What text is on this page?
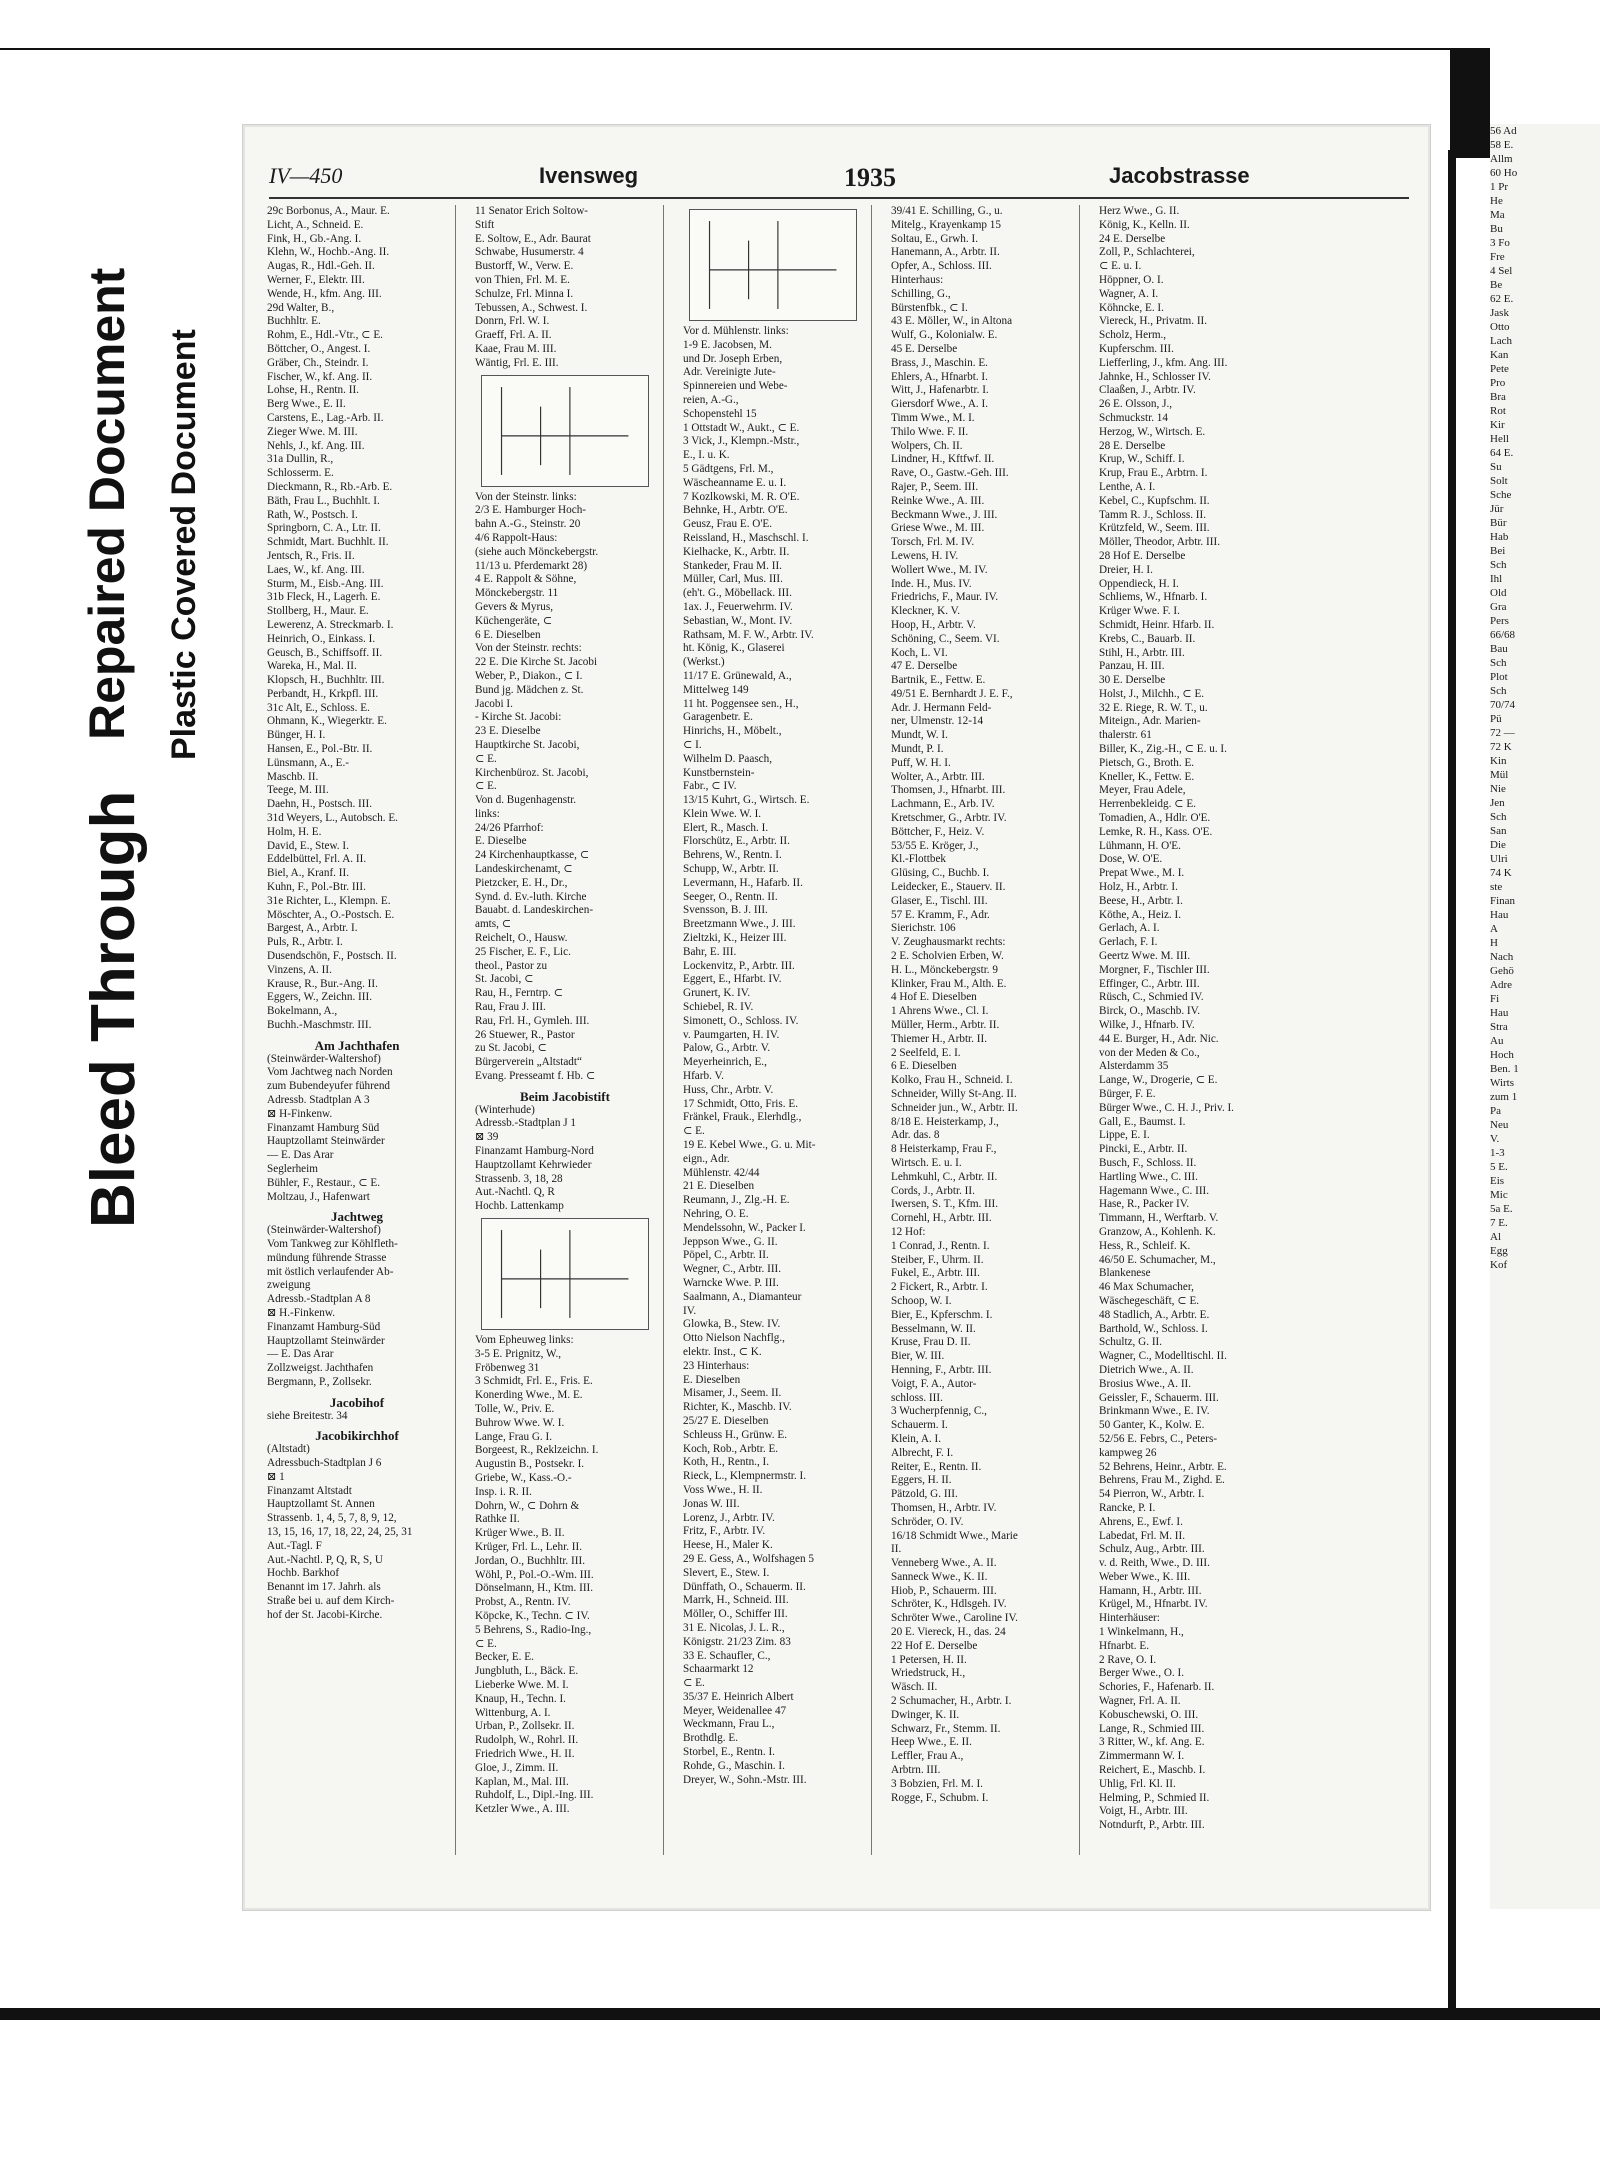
Bleed Through
Repaired Document Plastic Covered Document
IV—450	Ivensweg	1935	Jacobstrasse
29c Borbonus, A., Maur. E.
Licht, A., Schneid. E.
Fink, H., Gb.-Ang. I.
Klehn, W., Hochb.-Ang. II.
Augas, R., Hdl.-Geh. II.
Werner, F., Elektr. III.
Wende, H., kfm. Ang. III.
29d Walter, B.,
Buchhltr. E.
Rohm, E., Hdl.-Vtr., ⊂ E.
Böttcher, O., Angest. I.
Gräber, Ch., Steindr. I.
Fischer, W., kf. Ang. II.
Lohse, H., Rentn. II.
Berg Wwe., E. II.
Carstens, E., Lag.-Arb. II.
Zieger Wwe. M. III.
Nehls, J., kf. Ang. III.
31a Dullin, R.,
Schlosserm. E.
Dieckmann, R., Rb.-Arb. E.
Bäth, Frau L., Buchhlt. I.
Rath, W., Postsch. I.
Springborn, C. A., Ltr. II.
Schmidt, Mart. Buchhlt. II.
Jentsch, R., Fris. II.
Laes, W., kf. Ang. III.
Sturm, M., Eisb.-Ang. III.
31b Fleck, H., Lagerh. E.
Stollberg, H., Maur. E.
Lewerenz, A. Streckmarb. I.
Heinrich, O., Einkass. I.
Geusch, B., Schiffsoff. II.
Wareka, H., Mal. II.
Klopsch, H., Buchhltr. III.
Perbandt, H., Krkpfl. III.
31c Alt, E., Schloss. E.
Ohmann, K., Wiegerktr. E.
Bünger, H. I.
Hansen, E., Pol.-Btr. II.
Lünsmann, A., E.-
Maschb. II.
Teege, M. III.
Daehn, H., Postsch. III.
31d Weyers, L., Autobsch. E.
Holm, H. E.
David, E., Stew. I.
Eddelbüttel, Frl. A. II.
Biel, A., Kranf. II.
Kuhn, F., Pol.-Btr. III.
31e Richter, L., Klempn. E.
Möschter, A., O.-Postsch. E.
Bargest, A., Arbtr. I.
Puls, R., Arbtr. I.
Dusendschön, F., Postsch. II.
Vinzens, A. II.
Krause, R., Bur.-Ang. II.
Eggers, W., Zeichn. III.
Bokelmann, A.,
Buchh.-Maschmstr. III.
Am Jachthafen
(Steinwärder-Waltershof)
Vom Jachtweg nach Norden
zum Bubendeyufer führend
Adressb. Stadtplan A 3
⊠ H-Finkenw.
Finanzamt Hamburg Süd
Hauptzollamt Steinwärder
— E. Das Arar
Seglerheim
Bühler, F., Restaur., ⊂ E.
Moltzau, J., Hafenwart
Jachtweg
(Steinwärder-Waltershof)
Vom Tankweg zur Köhlfleth-
mündung führende Strasse
mit östlich verlaufender Ab-
zweigung
Adressb.-Stadtplan A 8
⊠ H.-Finkenw.
Finanzamt Hamburg-Süd
Hauptzollamt Steinwärder
— E. Das Arar
Zollzweigst. Jachthafen
Bergmann, P., Zollsekr.
Jacobihof
siehe Breitestr. 34
Jacobikirchhof
(Altstadt)
Adressbuch-Stadtplan J 6
⊠ 1
Finanzamt Altstadt
Hauptzollamt St. Annen
Strassenb. 1, 4, 5, 7, 8, 9, 12,
13, 15, 16, 17, 18, 22, 24, 25, 31
Aut.-Tagl. F
Aut.-Nachtl. P, Q, R, S, U
Hochb. Barkhof
Benannt im 17. Jahrh. als
Straße bei u. auf dem Kirch-
hof der St. Jacobi-Kirche.
11 Senator Erich Soltow-
Stift
E. Soltow, E., Adr. Baurat
Schwabe, Husumerstr. 4
Bustorff, W., Verw. E.
von Thien, Frl. M. E.
Schulze, Frl. Minna I.
Tebussen, A., Schwest. I.
Donrn, Frl. W. I.
Graeff, Frl. A. II.
Kaae, Frau M. III.
Wäntig, Frl. E. III.
Von der Steinstr. links:
2/3 E. Hamburger Hoch-
bahn A.-G., Steinstr. 20
4/6 Rappolt-Haus:
(siehe auch Mönckebergstr.
11/13 u. Pferdemarkt 28)
4 E. Rappolt & Söhne,
Mönckebergstr. 11
Gevers & Myrus,
Küchengeräte, ⊂
6 E. Dieselben
Von der Steinstr. rechts:
22 E. Die Kirche St. Jacobi
Weber, P., Diakon., ⊂ I.
Bund jg. Mädchen z. St.
Jacobi I.
- Kirche St. Jacobi:
23 E. Dieselbe
Hauptkirche St. Jacobi,
⊂ E.
Kirchenbüroz. St. Jacobi,
⊂ E.
Von d. Bugenhagenstr.
links:
24/26 Pfarrhof:
E. Dieselbe
24 Kirchenhauptkasse, ⊂
Landeskirchenamt, ⊂
Pietzcker, E. H., Dr.,
Synd. d. Ev.-luth. Kirche
Bauabt. d. Landeskirchen-
amts, ⊂
Reichelt, O., Hausw.
25 Fischer, E. F., Lic.
theol., Pastor zu
St. Jacobi, ⊂
Rau, H., Ferntrp. ⊂
Rau, Frau J. III.
Rau, Frl. H., Gymleh. III.
26 Stuewer, R., Pastor
zu St. Jacobi, ⊂
Bürgerverein „Altstadt“
Evang. Presseamt f. Hb. ⊂
Beim Jacobistift
(Winterhude)
Adressb.-Stadtplan J 1
⊠ 39
Finanzamt Hamburg-Nord
Hauptzollamt Kehrwieder
Strassenb. 3, 18, 28
Aut.-Nachtl. Q, R
Hochb. Lattenkamp
Vom Epheuweg links:
3-5 E. Prignitz, W.,
Fröbenweg 31
3 Schmidt, Frl. E., Fris. E.
Konerding Wwe., M. E.
Tolle, W., Priv. E.
Buhrow Wwe. W. I.
Lange, Frau G. I.
Borgeest, R., Reklzeichn. I.
Augustin B., Postsekr. I.
Griebe, W., Kass.-O.-
Insp. i. R. II.
Dohrn, W., ⊂ Dohrn &
Rathke II.
Krüger Wwe., B. II.
Krüger, Frl. L., Lehr. II.
Jordan, O., Buchhltr. III.
Wöhl, P., Pol.-O.-Wm. III.
Dönselmann, H., Ktm. III.
Probst, A., Rentn. IV.
Köpcke, K., Techn. ⊂ IV.
5 Behrens, S., Radio-Ing.,
⊂ E.
Becker, E. E.
Jungbluth, L., Bäck. E.
Lieberke Wwe. M. I.
Knaup, H., Techn. I.
Wittenburg, A. I.
Urban, P., Zollsekr. II.
Rudolph, W., Rohrl. II.
Friedrich Wwe., H. II.
Gloe, J., Zimm. II.
Kaplan, M., Mal. III.
Ruhdolf, L., Dipl.-Ing. III.
Ketzler Wwe., A. III.
Vor d. Mühlenstr. links:
1-9 E. Jacobsen, M.
und Dr. Joseph Erben,
Adr. Vereinigte Jute-
Spinnereien und Webe-
reien, A.-G.,
Schopenstehl 15
1 Ottstadt W., Aukt., ⊂ E.
3 Vick, J., Klempn.-Mstr.,
E., I. u. K.
5 Gädtgens, Frl. M.,
Wäscheanname E. u. I.
7 Kozlkowski, M. R. O'E.
Behnke, H., Arbtr. O'E.
Geusz, Frau E. O'E.
Reissland, H., Maschschl. I.
Kielhacke, K., Arbtr. II.
Stankeder, Frau M. II.
Müller, Carl, Mus. III.
(eh't. G., Möbellack. III.
1ax. J., Feuerwehrm. IV.
Sebastian, W., Mont. IV.
Rathsam, M. F. W., Arbtr. IV.
ht. König, K., Glaserei
(Werkst.)
11/17 E. Grünewald, A.,
Mittelweg 149
11 ht. Poggensee sen., H.,
Garagenbetr. E.
Hinrichs, H., Möbelt.,
⊂ I.
Wilhelm D. Paasch,
Kunstbernstein-
Fabr., ⊂ IV.
13/15 Kuhrt, G., Wirtsch. E.
Klein Wwe. W. I.
Elert, R., Masch. I.
Florschütz, E., Arbtr. II.
Behrens, W., Rentn. I.
Schupp, W., Arbtr. II.
Levermann, H., Hafarb. II.
Seeger, O., Rentn. II.
Svensson, B. J. III.
Breetzmann Wwe., J. III.
Zieltzki, K., Heizer III.
Bahr, E. III.
Lockenvitz, P., Arbtr. III.
Eggert, E., Hfarbt. IV.
Grunert, K. IV.
Schiebel, R. IV.
Simonett, O., Schloss. IV.
v. Paumgarten, H. IV.
Palow, G., Arbtr. V.
Meyerheinrich, E.,
Hfarb. V.
Huss, Chr., Arbtr. V.
17 Schmidt, Otto, Fris. E.
Fränkel, Frauk., Elerhdlg.,
⊂ E.
19 E. Kebel Wwe., G. u. Mit-
eign., Adr.
Mühlenstr. 42/44
21 E. Dieselben
Reumann, J., Zlg.-H. E.
Nehring, O. E.
Mendelssohn, W., Packer I.
Jeppson Wwe., G. II.
Pöpel, C., Arbtr. II.
Wegner, C., Arbtr. III.
Warncke Wwe. P. III.
Saalmann, A., Diamanteur
IV.
Glowka, B., Stew. IV.
Otto Nielson Nachflg.,
elektr. Inst., ⊂ K.
23 Hinterhaus:
E. Dieselben
Misamer, J., Seem. II.
Richter, K., Maschb. IV.
25/27 E. Dieselben
Schleuss H., Grünw. E.
Koch, Rob., Arbtr. E.
Koth, H., Rentn., I.
Rieck, L., Klempnermstr. I.
Voss Wwe., H. II.
Jonas W. III.
Lorenz, J., Arbtr. IV.
Fritz, F., Arbtr. IV.
Heese, H., Maler K.
29 E. Gess, A., Wolfshagen 5
Slevert, E., Stew. I.
Dünffath, O., Schauerm. II.
Marrk, H., Schneid. III.
Möller, O., Schiffer III.
31 E. Nicolas, J. L. R.,
Königstr. 21/23 Zim. 83
33 E. Schaufler, C.,
Schaarmarkt 12
⊂ E.
35/37 E. Heinrich Albert
Meyer, Weidenallee 47
Weckmann, Frau L.,
Brothdlg. E.
Storbel, E., Rentn. I.
Rohde, G., Maschin. I.
Dreyer, W., Sohn.-Mstr. III.
39/41 E. Schilling, G., u.
Mitelg., Krayenkamp 15
Soltau, E., Grwh. I.
Hanemann, A., Arbtr. II.
Opfer, A., Schloss. III.
Hinterhaus:
Schilling, G.,
Bürstenfbk., ⊂ I.
43 E. Möller, W., in Altona
Wulf, G., Kolonialw. E.
45 E. Derselbe
Brass, J., Maschin. E.
Ehlers, A., Hfnarbt. I.
Witt, J., Hafenarbtr. I.
Giersdorf Wwe., A. I.
Timm Wwe., M. I.
Thilo Wwe. F. II.
Wolpers, Ch. II.
Lindner, H., Kftfwf. II.
Rave, O., Gastw.-Geh. III.
Rajer, P., Seem. III.
Reinke Wwe., A. III.
Beckmann Wwe., J. III.
Griese Wwe., M. III.
Torsch, Frl. M. IV.
Lewens, H. IV.
Wollert Wwe., M. IV.
Inde. H., Mus. IV.
Friedrichs, F., Maur. IV.
Kleckner, K. V.
Hoop, H., Arbtr. V.
Schöning, C., Seem. VI.
Koch, L. VI.
47 E. Derselbe
Bartnik, E., Fettw. E.
49/51 E. Bernhardt J. E. F.,
Adr. J. Hermann Feld-
ner, Ulmenstr. 12-14
Mundt, W. I.
Mundt, P. I.
Puff, W. H. I.
Wolter, A., Arbtr. III.
Thomsen, J., Hfnarbt. III.
Lachmann, E., Arb. IV.
Kretschmer, G., Arbtr. IV.
Böttcher, F., Heiz. V.
53/55 E. Kröger, J.,
Kl.-Flottbek
Glüsing, C., Buchb. I.
Leidecker, E., Stauerv. II.
Glaser, E., Tischl. III.
57 E. Kramm, F., Adr.
Sierichstr. 106
V. Zeughausmarkt rechts:
2 E. Scholvien Erben, W.
H. L., Mönckebergstr. 9
Klinker, Frau M., Alth. E.
4 Hof E. Dieselben
1 Ahrens Wwe., Cl. I.
Müller, Herm., Arbtr. II.
Thiemer H., Arbtr. II.
2 Seelfeld, E. I.
6 E. Dieselben
Kolko, Frau H., Schneid. I.
Schneider, Willy St-Ang. II.
Schneider jun., W., Arbtr. II.
8/18 E. Heisterkamp, J.,
Adr. das. 8
8 Heisterkamp, Frau F.,
Wirtsch. E. u. I.
Lehmkuhl, C., Arbtr. II.
Cords, J., Arbtr. II.
Iwersen, S. T., Kfm. III.
Cornehl, H., Arbtr. III.
12 Hof:
1 Conrad, J., Rentn. I.
Steiber, F., Uhrm. II.
Fukel, E., Arbtr. III.
2 Fickert, R., Arbtr. I.
Schoop, W. I.
Bier, E., Kpferschm. I.
Besselmann, W. II.
Kruse, Frau D. II.
Bier, W. III.
Henning, F., Arbtr. III.
Voigt, F. A., Autor-
schloss. III.
3 Wucherpfennig, C.,
Schauerm. I.
Klein, A. I.
Albrecht, F. I.
Reiter, E., Rentn. II.
Eggers, H. II.
Pätzold, G. III.
Thomsen, H., Arbtr. IV.
Schröder, O. IV.
16/18 Schmidt Wwe., Marie
II.
Venneberg Wwe., A. II.
Sanneck Wwe., K. II.
Hiob, P., Schauerm. III.
Schröter, K., Hdlsgeh. IV.
Schröter Wwe., Caroline IV.
20 E. Viereck, H., das. 24
22 Hof E. Derselbe
1 Petersen, H. II.
Wriedstruck, H.,
Wäsch. II.
2 Schumacher, H., Arbtr. I.
Dwinger, K. II.
Schwarz, Fr., Stemm. II.
Heep Wwe., E. II.
Leffler, Frau A.,
Arbtrn. III.
3 Bobzien, Frl. M. I.
Rogge, F., Schubm. I.
Herz Wwe., G. II.
König, K., Kelln. II.
24 E. Derselbe
Zoll, P., Schlachterei,
⊂ E. u. I.
Höppner, O. I.
Wagner, A. I.
Köhncke, E. I.
Viereck, H., Privatm. II.
Scholz, Herm.,
Kupferschm. III.
Liefferling, J., kfm. Ang. III.
Jahnke, H., Schlosser IV.
Claaßen, J., Arbtr. IV.
26 E. Olsson, J.,
Schmuckstr. 14
Herzog, W., Wirtsch. E.
28 E. Derselbe
Krup, W., Schiff. I.
Krup, Frau E., Arbtrn. I.
Lenthe, A. I.
Kebel, C., Kupfschm. II.
Tamm R. J., Schloss. II.
Krützfeld, W., Seem. III.
Möller, Theodor, Arbtr. III.
28 Hof E. Derselbe
Dreier, H. I.
Oppendieck, H. I.
Schliems, W., Hfnarb. I.
Krüger Wwe. F. I.
Schmidt, Heinr. Hfarb. II.
Krebs, C., Bauarb. II.
Stihl, H., Arbtr. III.
Panzau, H. III.
30 E. Derselbe
Holst, J., Milchh., ⊂ E.
32 E. Riege, R. W. T., u.
Miteign., Adr. Marien-
thalerstr. 61
Biller, K., Zig.-H., ⊂ E. u. I.
Pietsch, G., Broth. E.
Kneller, K., Fettw. E.
Meyer, Frau Adele,
Herrenbekleidg. ⊂ E.
Tomadien, A., Hdlr. O'E.
Lemke, R. H., Kass. O'E.
Lühmann, H. O'E.
Dose, W. O'E.
Prepat Wwe., M. I.
Holz, H., Arbtr. I.
Beese, H., Arbtr. I.
Köthe, A., Heiz. I.
Gerlach, A. I.
Gerlach, F. I.
Geertz Wwe. M. III.
Morgner, F., Tischler III.
Effinger, C., Arbtr. III.
Rüsch, C., Schmied IV.
Birck, O., Maschb. IV.
Wilke, J., Hfnarb. IV.
44 E. Burger, H., Adr. Nic.
von der Meden & Co.,
Alsterdamm 35
Lange, W., Drogerie, ⊂ E.
Bürger, F. E.
Bürger Wwe., C. H. J., Priv. I.
Gall, E., Baumst. I.
Lippe, E. I.
Pincki, E., Arbtr. II.
Busch, F., Schloss. II.
Hartling Wwe., C. III.
Hagemann Wwe., C. III.
Hase, R., Packer IV.
Timmann, H., Werftarb. V.
Granzow, A., Kohlenh. K.
Hess, R., Schleif. K.
46/50 E. Schumacher, M.,
Blankenese
46 Max Schumacher,
Wäschegeschäft, ⊂ E.
48 Stadlich, A., Arbtr. E.
Barthold, W., Schloss. I.
Schultz, G. II.
Wagner, C., Modelltischl. II.
Dietrich Wwe., A. II.
Brosius Wwe., A. II.
Geissler, F., Schauerm. III.
Brinkmann Wwe., E. IV.
50 Ganter, K., Kolw. E.
52/56 E. Febrs, C., Peters-
kampweg 26
52 Behrens, Heinr., Arbtr. E.
Behrens, Frau M., Zighd. E.
54 Pierron, W., Arbtr. I.
Rancke, P. I.
Ahrens, E., Ewf. I.
Labedat, Frl. M. II.
Schulz, Aug., Arbtr. III.
v. d. Reith, Wwe., D. III.
Weber Wwe., K. III.
Hamann, H., Arbtr. III.
Krügel, M., Hfnarbt. IV.
Hinterhäuser:
1 Winkelmann, H.,
Hfnarbt. E.
2 Rave, O. I.
Berger Wwe., O. I.
Schories, F., Hafenarb. II.
Wagner, Frl. A. II.
Kobuschewski, O. III.
Lange, R., Schmied III.
3 Ritter, W., kf. Ang. E.
Zimmermann W. I.
Reichert, E., Maschb. I.
Uhlig, Frl. Kl. II.
Helming, P., Schmied II.
Voigt, H., Arbtr. III.
Notndurft, P., Arbtr. III.
56 Ad
58 E.
Allm
60 Ho
1 Pr
He
Ma
Bu
3 Fo
Fre
4 Sel
Be
62 E.
Jask
Otto
Lach
Kan
Pete
Pro
Bra
Rot
Kir
Hell
64 E.
Su
Solt
Sche
Jür
Bür
Hab
Bei
Sch
Ihl
Old
Gra
Pers
66/68
Bau
Sch
Plot
Sch
70/74
Pü
72 —
72 K
Kin
Mül
Nie
Jen
Sch
San
Die
Ulri
74 K
ste
Finan
Hau
A
H
Nach
Gehö
Adre
Fi
Hau
Stra
Au
Hoch
Ben. 1
Wirts
zum 1
Pa
Neu
V.
1-3
5 E.
Eis
Mic
5a E.
7 E.
Al
Egg
Kof
